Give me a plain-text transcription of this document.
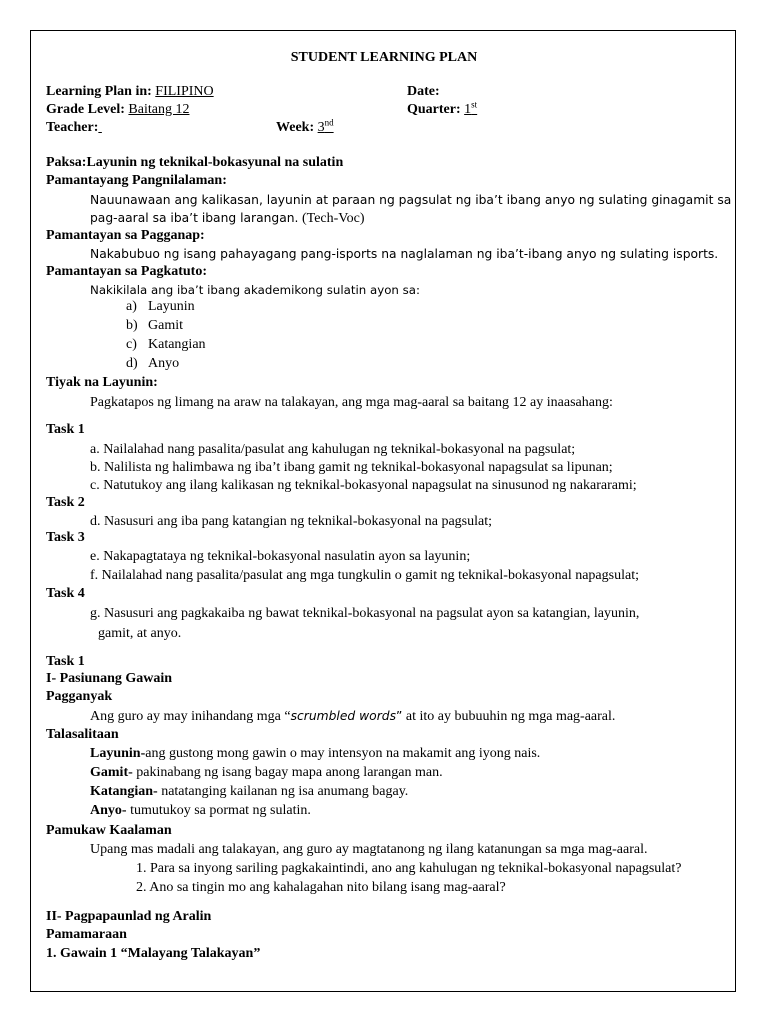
STUDENT LEARNING PLAN
Learning Plan in: FILIPINO	Date:
Grade Level: Baitang 12	Quarter: 1st
Teacher:	Week: 3nd
Paksa:Layunin ng teknikal-bokasyunal na sulatin
Pamantayang Pangnilalaman:
Nauunawaan ang kalikasan, layunin at paraan ng pagsulat ng iba’t ibang anyo ng sulating ginagamit sa
pag-aaral sa iba’t ibang larangan. (Tech-Voc)
Pamantayan sa Pagganap:
Nakabubuo ng isang pahayagang pang-isports na naglalaman ng iba’t-ibang anyo ng sulating isports.
Pamantayan sa Pagkatuto:
Nakikilala ang iba’t ibang akademikong sulatin ayon sa:
a) Layunin
b) Gamit
c) Katangian
d) Anyo
Tiyak na Layunin:
Pagkatapos ng limang na araw na talakayan, ang mga mag-aaral sa baitang 12 ay inaasahang:
Task 1
a. Nailalahad nang pasalita/pasulat ang kahulugan ng teknikal-bokasyonal na pagsulat;
b. Nalilista ng halimbawa ng iba’t ibang gamit ng teknikal-bokasyonal napagsulat sa lipunan;
c. Natutukoy ang ilang kalikasan ng teknikal-bokasyonal napagsulat na sinusunod ng nakararami;
Task 2
d. Nasusuri ang iba pang katangian ng teknikal-bokasyonal na pagsulat;
Task 3
e. Nakapagtataya ng teknikal-bokasyonal nasulatin ayon sa layunin;
f. Nailalahad nang pasalita/pasulat ang mga tungkulin o gamit ng teknikal-bokasyonal napagsulat;
Task 4
g. Nasusuri ang pagkakaiba ng bawat teknikal-bokasyonal na pagsulat ayon sa katangian, layunin,
gamit, at anyo.
Task 1
I- Pasiunang Gawain
Pagganyak
Ang guro ay may inihandang mga “scrumbled words” at ito ay bubuuhin ng mga mag-aaral.
Talasalitaan
Layunin-ang gustong mong gawin o may intensyon na makamit ang iyong nais.
Gamit- pakinabang ng isang bagay mapa anong larangan man.
Katangian- natatanging kailanan ng isa anumang bagay.
Anyo- tumutukoy sa pormat ng sulatin.
Pamukaw Kaalaman
Upang mas madali ang talakayan, ang guro ay magtatanong ng ilang katanungan sa mga mag-aaral.
1. Para sa inyong sariling pagkakaintindi, ano ang kahulugan ng teknikal-bokasyonal napagsulat?
2. Ano sa tingin mo ang kahalagahan nito bilang isang mag-aaral?
II- Pagpapaunlad ng Aralin
Pamamaraan
1. Gawain 1 “Malayang Talakayan”
